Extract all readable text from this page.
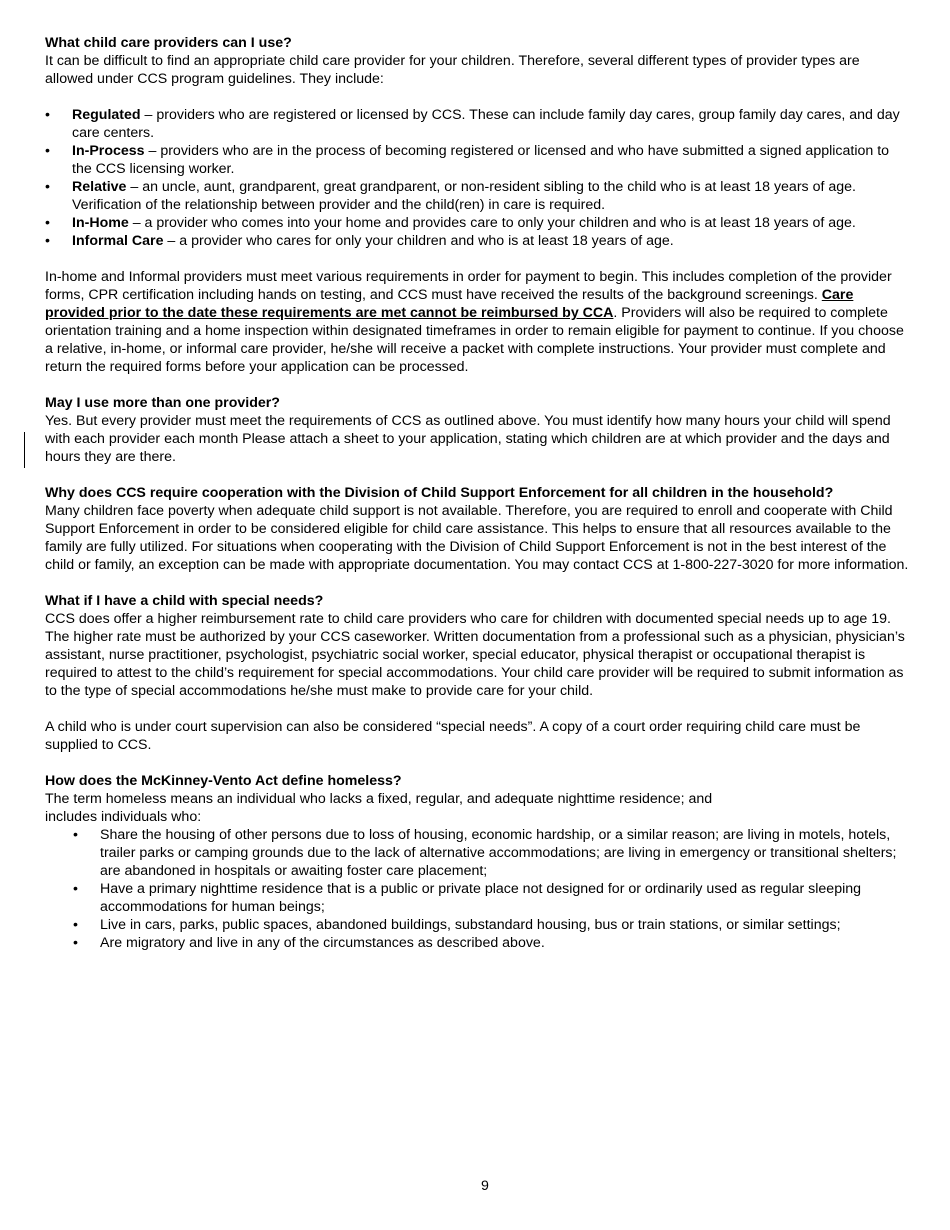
What child care providers can I use?

It can be difficult to find an appropriate child care provider for your children. Therefore, several different types of provider types are allowed under CCS program guidelines. They include:

• Regulated – providers who are registered or licensed by CCS. These can include family day cares, group family day cares, and day care centers.
• In-Process – providers who are in the process of becoming registered or licensed and who have submitted a signed application to the CCS licensing worker.
• Relative – an uncle, aunt, grandparent, great grandparent, or non-resident sibling to the child who is at least 18 years of age. Verification of the relationship between provider and the child(ren) in care is required.
• In-Home – a provider who comes into your home and provides care to only your children and who is at least 18 years of age.
• Informal Care – a provider who cares for only your children and who is at least 18 years of age.

In-home and Informal providers must meet various requirements in order for payment to begin. This includes completion of the provider forms, CPR certification including hands on testing, and CCS must have received the results of the background screenings. Care provided prior to the date these requirements are met cannot be reimbursed by CCA. Providers will also be required to complete orientation training and a home inspection within designated timeframes in order to remain eligible for payment to continue. If you choose a relative, in-home, or informal care provider, he/she will receive a packet with complete instructions. Your provider must complete and return the required forms before your application can be processed.

May I use more than one provider?

Yes. But every provider must meet the requirements of CCS as outlined above. You must identify how many hours your child will spend with each provider each month Please attach a sheet to your application, stating which children are at which provider and the days and hours they are there.

Why does CCS require cooperation with the Division of Child Support Enforcement for all children in the household?

Many children face poverty when adequate child support is not available. Therefore, you are required to enroll and cooperate with Child Support Enforcement in order to be considered eligible for child care assistance. This helps to ensure that all resources available to the family are fully utilized. For situations when cooperating with the Division of Child Support Enforcement is not in the best interest of the child or family, an exception can be made with appropriate documentation. You may contact CCS at 1-800-227-3020 for more information.

What if I have a child with special needs?

CCS does offer a higher reimbursement rate to child care providers who care for children with documented special needs up to age 19. The higher rate must be authorized by your CCS caseworker. Written documentation from a professional such as a physician, physician’s assistant, nurse practitioner, psychologist, psychiatric social worker, special educator, physical therapist or occupational therapist is required to attest to the child’s requirement for special accommodations. Your child care provider will be required to submit information as to the type of special accommodations he/she must make to provide care for your child.

A child who is under court supervision can also be considered “special needs”. A copy of a court order requiring child care must be supplied to CCS.

How does the McKinney-Vento Act define homeless?

The term homeless means an individual who lacks a fixed, regular, and adequate nighttime residence; and

includes individuals who:

• Share the housing of other persons due to loss of housing, economic hardship, or a similar reason; are living in motels, hotels, trailer parks or camping grounds due to the lack of alternative accommodations; are living in emergency or transitional shelters; are abandoned in hospitals or awaiting foster care placement;
• Have a primary nighttime residence that is a public or private place not designed for or ordinarily used as regular sleeping accommodations for human beings;
• Live in cars, parks, public spaces, abandoned buildings, substandard housing, bus or train stations, or similar settings;
• Are migratory and live in any of the circumstances as described above.
9
